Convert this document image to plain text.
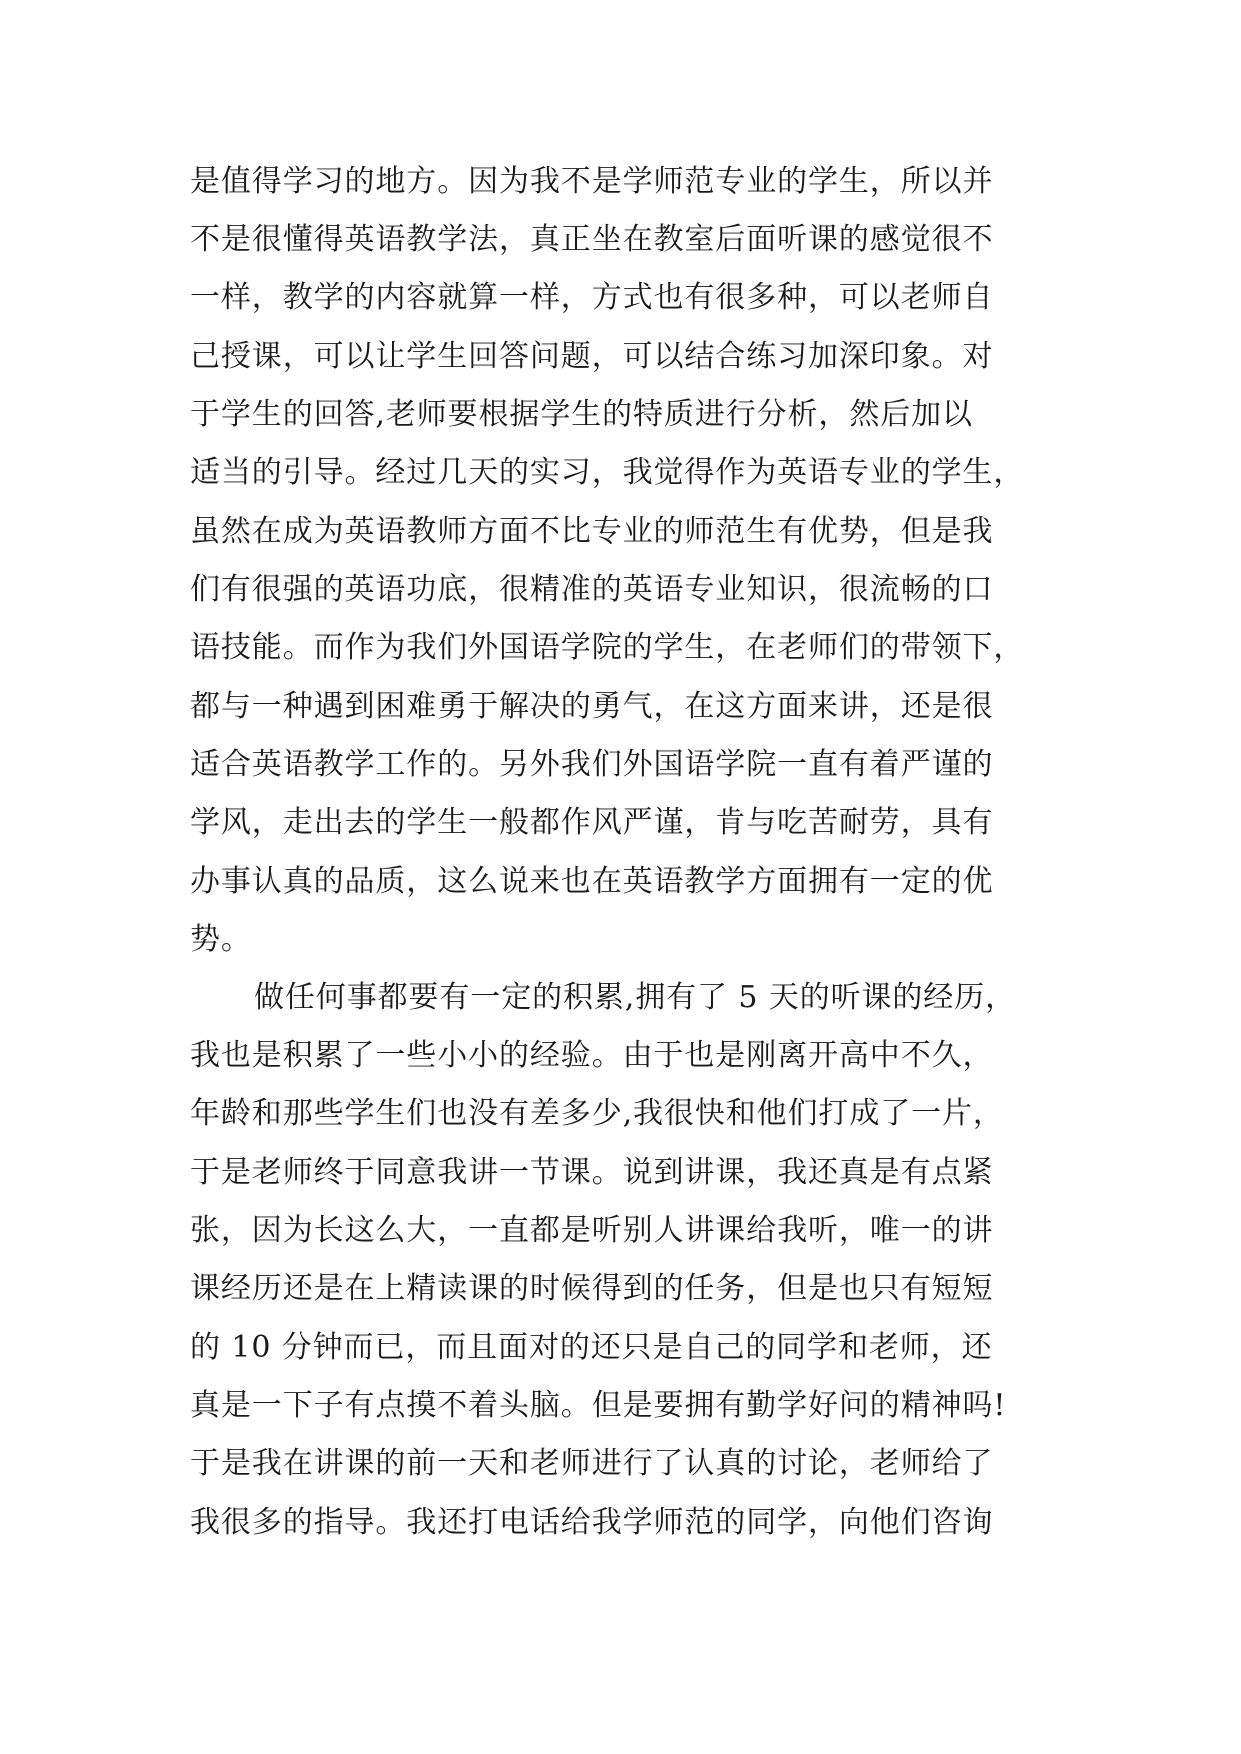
是值得学习的地方。因为我不是学师范专业的学生，所以并
不是很懂得英语教学法，真正坐在教室后面听课的感觉很不
一样，教学的内容就算一样，方式也有很多种，可以老师自
己授课，可以让学生回答问题，可以结合练习加深印象。对
于学生的回答,老师要根据学生的特质进行分析，然后加以
适当的引导。经过几天的实习，我觉得作为英语专业的学生，
虽然在成为英语教师方面不比专业的师范生有优势，但是我
们有很强的英语功底，很精准的英语专业知识，很流畅的口
语技能。而作为我们外国语学院的学生，在老师们的带领下，
都与一种遇到困难勇于解决的勇气，在这方面来讲，还是很
适合英语教学工作的。另外我们外国语学院一直有着严谨的
学风，走出去的学生一般都作风严谨，肯与吃苦耐劳，具有
办事认真的品质，这么说来也在英语教学方面拥有一定的优
势。
做任何事都要有一定的积累,拥有了 5 天的听课的经历，
我也是积累了一些小小的经验。由于也是刚离开高中不久，
年龄和那些学生们也没有差多少,我很快和他们打成了一片，
于是老师终于同意我讲一节课。说到讲课，我还真是有点紧
张，因为长这么大，一直都是听别人讲课给我听，唯一的讲
课经历还是在上精读课的时候得到的任务，但是也只有短短
的 10 分钟而已，而且面对的还只是自己的同学和老师，还
真是一下子有点摸不着头脑。但是要拥有勤学好问的精神吗!
于是我在讲课的前一天和老师进行了认真的讨论，老师给了
我很多的指导。我还打电话给我学师范的同学，向他们咨询
